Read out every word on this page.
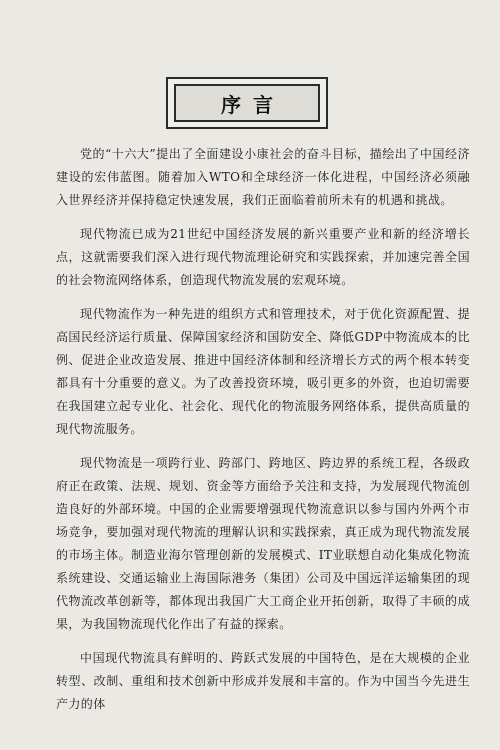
序言

党的“十六大”提出了全面建设小康社会的奋斗目标，描绘出了中国经济建设的宏伟蓝图。随着加入WTO和全球经济一体化进程，中国经济必须融入世界经济并保持稳定快速发展，我们正面临着前所未有的机遇和挑战。

现代物流已成为21世纪中国经济发展的新兴重要产业和新的经济增长点，这就需要我们深入进行现代物流理论研究和实践探索，并加速完善全国的社会物流网络体系，创造现代物流发展的宏观环境。

现代物流作为一种先进的组织方式和管理技术，对于优化资源配置、提高国民经济运行质量、保障国家经济和国防安全、降低GDP中物流成本的比例、促进企业改造发展、推进中国经济体制和经济增长方式的两个根本转变都具有十分重要的意义。为了改善投资环境，吸引更多的外资，也迫切需要在我国建立起专业化、社会化、现代化的物流服务网络体系，提供高质量的现代物流服务。

现代物流是一项跨行业、跨部门、跨地区、跨边界的系统工程，各级政府正在政策、法规、规划、资金等方面给予关注和支持，为发展现代物流创造良好的外部环境。中国的企业需要增强现代物流意识以参与国内外两个市场竞争，要加强对现代物流的理解认识和实践探索，真正成为现代物流发展的市场主体。制造业海尔管理创新的发展模式、IT业联想自动化集成化物流系统建设、交通运输业上海国际港务（集团）公司及中国远洋运输集团的现代物流改革创新等，都体现出我国广大工商企业开拓创新，取得了丰硕的成果，为我国物流现代化作出了有益的探索。

中国现代物流具有鲜明的、跨跃式发展的中国特色，是在大规模的企业转型、改制、重组和技术创新中形成并发展和丰富的。作为中国当今先进生产力的体
